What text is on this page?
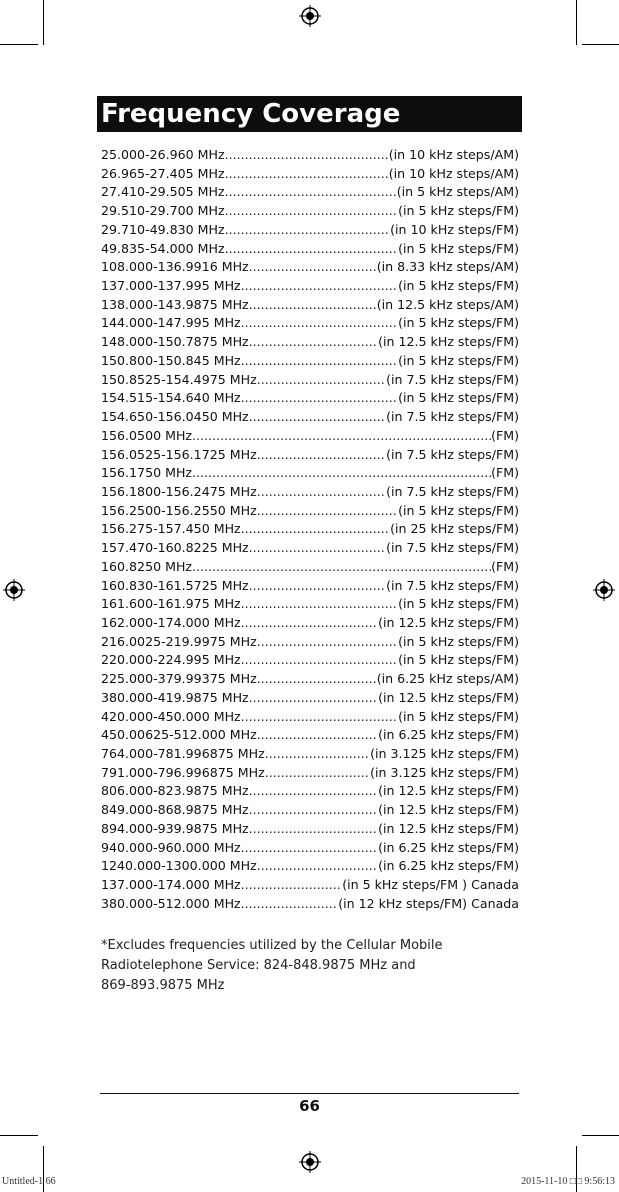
Frequency Coverage
25.000-26.960 MHz .....	(in 10 kHz steps/AM)
26.965-27.405 MHz .....	(in 10 kHz steps/AM)
27.410-29.505 MHz .....	(in 5 kHz steps/AM)
29.510-29.700 MHz .....	(in 5 kHz steps/FM)
29.710-49.830 MHz .....	(in 10 kHz steps/FM)
49.835-54.000 MHz .....	(in 5 kHz steps/FM)
108.000-136.9916 MHz .....	(in 8.33 kHz steps/AM)
137.000-137.995 MHz .....	(in 5 kHz steps/FM)
138.000-143.9875 MHz .....	(in 12.5 kHz steps/AM)
144.000-147.995 MHz .....	(in 5 kHz steps/FM)
148.000-150.7875 MHz .....	(in 12.5 kHz steps/FM)
150.800-150.845 MHz .....	(in 5 kHz steps/FM)
150.8525-154.4975 MHz .....	(in 7.5 kHz steps/FM)
154.515-154.640 MHz .....	(in 5 kHz steps/FM)
154.650-156.0450 MHz .....	(in 7.5 kHz steps/FM)
156.0500 MHz .....	(FM)
156.0525-156.1725 MHz .....	(in 7.5 kHz steps/FM)
156.1750 MHz .....	(FM)
156.1800-156.2475 MHz .....	(in 7.5 kHz steps/FM)
156.2500-156.2550 MHz .....	(in 5 kHz steps/FM)
156.275-157.450 MHz .....	(in 25 kHz steps/FM)
157.470-160.8225 MHz .....	(in 7.5 kHz steps/FM)
160.8250 MHz .....	(FM)
160.830-161.5725 MHz .....	(in 7.5 kHz steps/FM)
161.600-161.975 MHz .....	(in 5 kHz steps/FM)
162.000-174.000 MHz .....	(in 12.5 kHz steps/FM)
216.0025-219.9975 MHz .....	(in 5 kHz steps/FM)
220.000-224.995 MHz .....	(in 5 kHz steps/FM)
225.000-379.99375 MHz .....	(in 6.25 kHz steps/AM)
380.000-419.9875 MHz .....	(in 12.5 kHz steps/FM)
420.000-450.000 MHz .....	(in 5 kHz steps/FM)
450.00625-512.000 MHz .....	(in 6.25 kHz steps/FM)
764.000-781.996875 MHz .....	(in 3.125 kHz steps/FM)
791.000-796.996875 MHz .....	(in 3.125 kHz steps/FM)
806.000-823.9875 MHz .....	(in 12.5 kHz steps/FM)
849.000-868.9875 MHz .....	(in 12.5 kHz steps/FM)
894.000-939.9875 MHz .....	(in 12.5 kHz steps/FM)
940.000-960.000 MHz .....	(in 6.25 kHz steps/FM)
1240.000-1300.000 MHz .....	(in 6.25 kHz steps/FM)
137.000-174.000 MHz .....	(in 5 kHz steps/FM ) Canada
380.000-512.000 MHz .....	(in 12 kHz steps/FM) Canada
*Excludes frequencies utilized by the Cellular Mobile
Radiotelephone Service: 824-848.9875 MHz and
869-893.9875 MHz
66
Untitled-1 66	2015-11-10 □□ 9:56:13
